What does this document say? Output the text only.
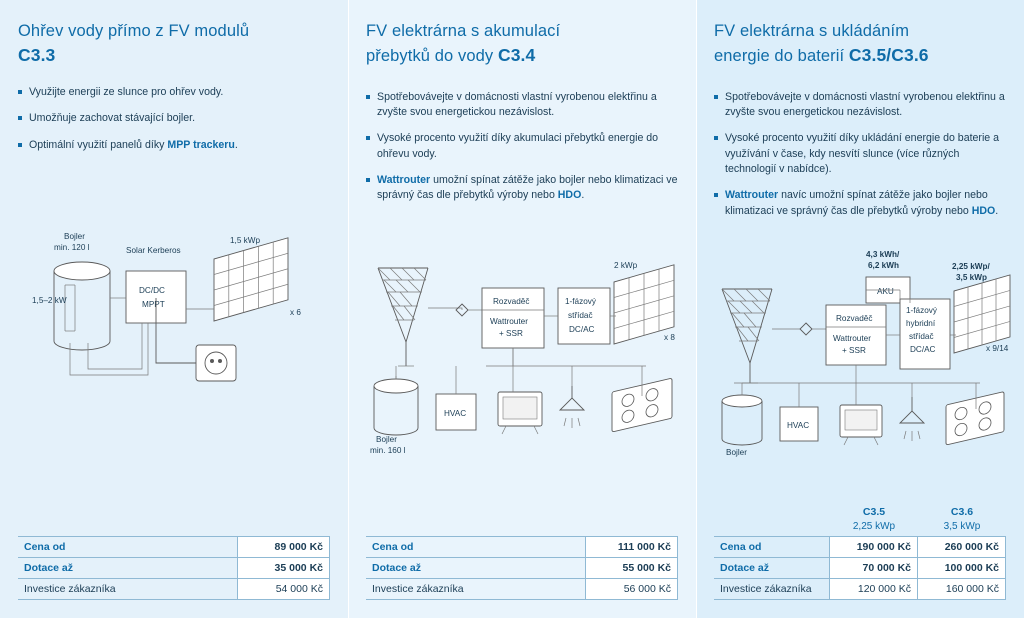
Ohřev vody přímo z FV modulů
C3.3
Využijte energii ze slunce pro ohřev vody.
Umožňuje zachovat stávající bojler.
Optimální využití panelů díky MPP trackeru.
Bojler
min. 120 l
1,5–2 kW
Solar Kerberos
DC/DC
MPPT
1,5 kWp
x 6
Cena od	89 000 Kč
Dotace až	35 000 Kč
Investice zákazníka	54 000 Kč
FV elektrárna s akumulací
přebytků do vody C3.4
Spotřebovávejte v domácnosti vlastní vyrobenou elektřinu a zvyšte svou energetickou nezávislost.
Vysoké procento využití díky akumulaci přebytků energie do ohřevu vody.
Wattrouter umožní spínat zátěže jako bojler nebo klimatizaci ve správný čas dle přebytků výroby nebo HDO.
Rozvaděč
Wattrouter
+ SSR
1-fázový
střídač
DC/AC
2 kWp
x 8
Bojler
min. 160 l
HVAC
Cena od	111 000 Kč
Dotace až	55 000 Kč
Investice zákazníka	56 000 Kč
FV elektrárna s ukládáním
energie do baterií C3.5/C3.6
Spotřebovávejte v domácnosti vlastní vyrobenou elektřinu a zvyšte svou energetickou nezávislost.
Vysoké procento využití díky ukládání energie do baterie a využívání v čase, kdy nesvítí slunce (více různých technologií v nabídce).
Wattrouter navíc umožní spínat zátěže jako bojler nebo klimatizaci ve správný čas dle přebytků výroby nebo HDO.
4,3 kWh/
6,2 kWh
AKU
Rozvaděč
Wattrouter
+ SSR
1-fázový
hybridní
střídač
DC/AC
2,25 kWp/
3,5 kWp
x 9/14
Bojler
HVAC
C3.5
2,25 kWp
C3.6
3,5 kWp
Cena od	190 000 Kč	260 000 Kč
Dotace až	70 000 Kč	100 000 Kč
Investice zákazníka	120 000 Kč	160 000 Kč
